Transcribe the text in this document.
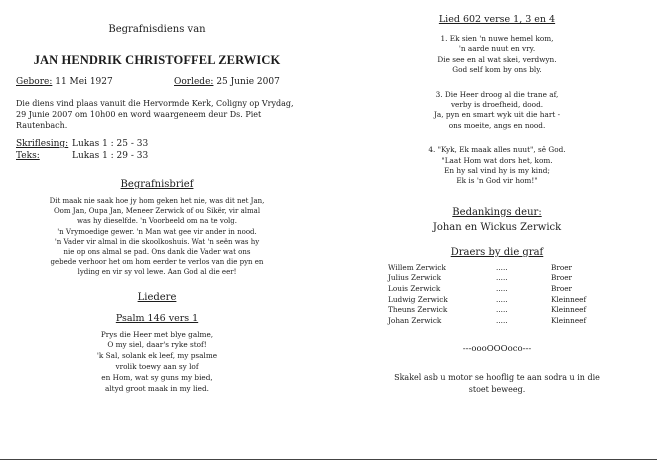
Begrafnisdiens van

JAN HENDRIK CHRISTOFFEL ZERWICK

Gebore: 11 Mei 1927	Oorlede: 25 Junie 2007

Die diens vind plaas vanuit die Hervormde Kerk, Coligny op Vrydag, 29 Junie 2007 om 10h00 en word waargeneem deur Ds. Piet Rautenbach.

Skriflesing: Lukas 1 : 25 - 33
Teks:	Lukas 1 : 29 - 33

Begrafnisbrief

Dit maak nie saak hoe jy hom geken het nie, was dit net Jan,
Oom Jan, Oupa Jan, Meneer Zerwick of ou Sikër, vir almal
was hy dieselfde. 'n Voorbeeld om na te volg.
'n Vrymoedige gewer. 'n Man wat gee vir ander in nood.
'n Vader vir almal in die skoolkoshuis. Wat 'n seën was hy
nie op ons almal se pad. Ons dank die Vader wat ons
gebede verhoor het om hom eerder te verlos van die pyn en
lyding en vir sy vol lewe. Aan God al die eer!

Liedere

Psalm 146 vers 1

Prys die Heer met blye galme,
O my siel, daar's ryke stof!
'k Sal, solank ek leef, my psalme
vrolik toewy aan sy lof
en Hom, wat sy guns my bied,
altyd groot maak in my lied.

Lied 602 verse 1, 3 en 4

1. Ek sien 'n nuwe hemel kom,

'n aarde nuut en vry.

Die see en al wat skei, verdwyn.

God self kom by ons bly.

3. Die Heer droog al die trane af,

verby is droefheid, dood.

Ja, pyn en smart wyk uit die hart -

ons moeite, angs en nood.

4. "Kyk, Ek maak alles nuut", sê God.

"Laat Hom wat dors het, kom.

En hy sal vind hy is my kind;

Ek is 'n God vir hom!"

Bedankings deur:

Johan en Wickus Zerwick

Draers by die graf

Willem Zerwick	.....	Broer
Julius Zerwick	.....	Broer
Louis Zerwick	.....	Broer
Ludwig Zerwick	.....	Kleinneef
Theuns Zerwick	.....	Kleinneef
Johan Zerwick	.....	Kleinneef

---oooOOOoco---

Skakel asb u motor se hooflig te aan sodra u in die
stoet beweeg.
